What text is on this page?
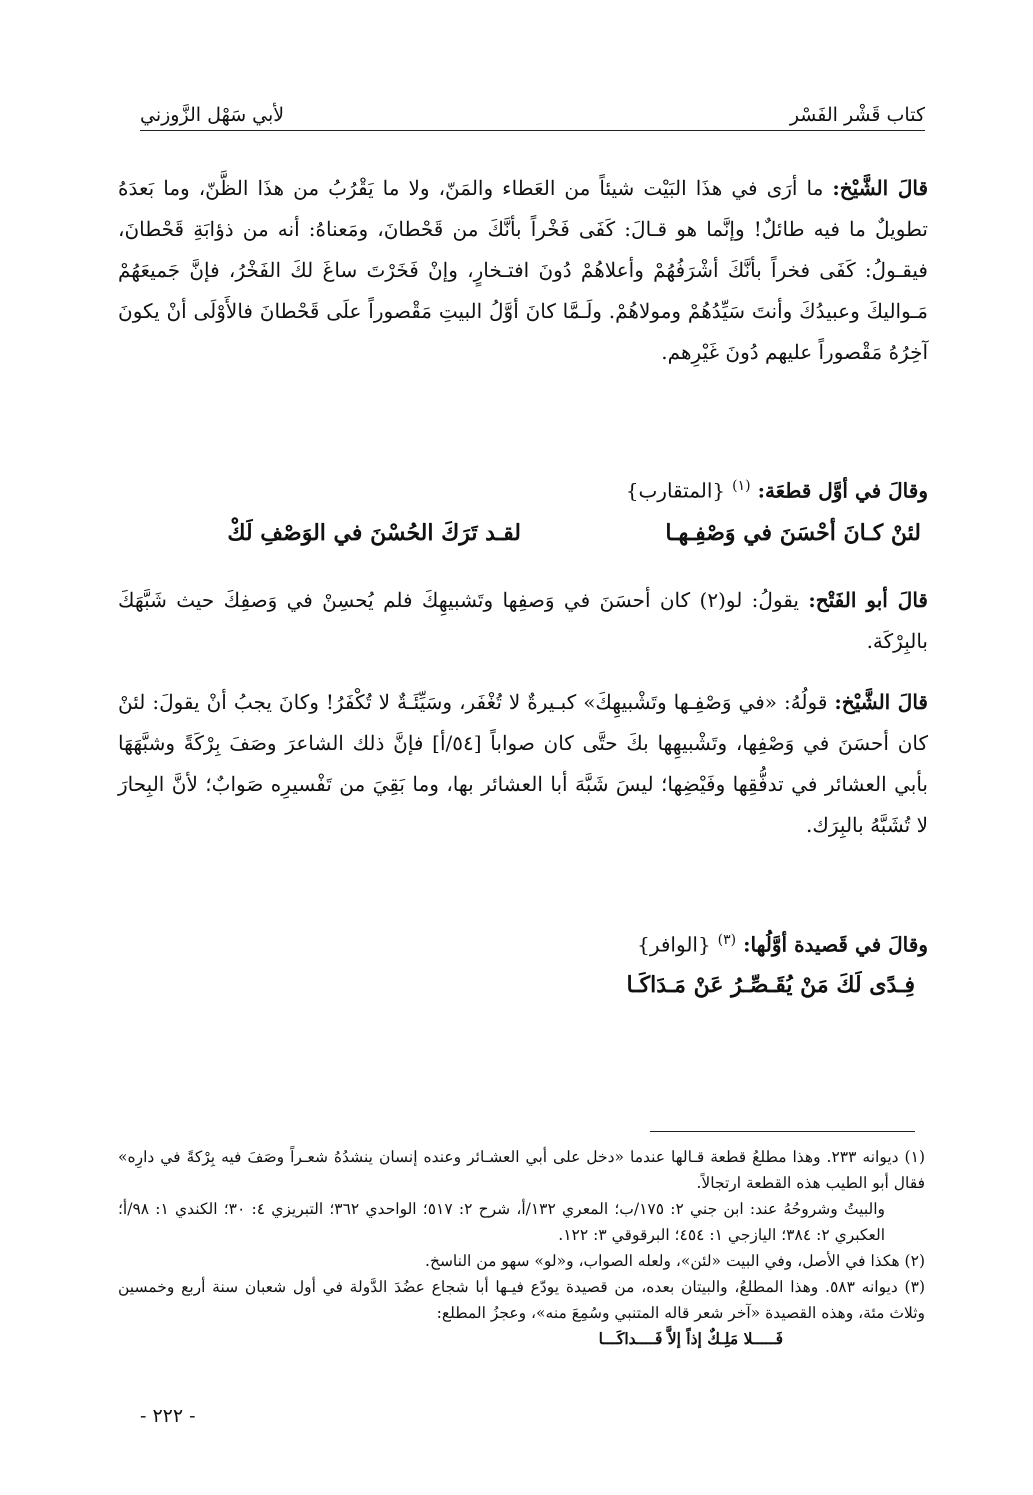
كتاب قَشْر الفَسْر
لأبي سَهْل الزَّوزني

قالَ الشَّيْخ: ما أرَى في هذَا البَيْت شيئاً من العَطاء والمَنّ، ولا ما يَقْرُبُ من هذَا الظَّنّ، وما بَعدَهُ تطويلٌ ما فيه طائلٌ! وإنَّما هو قـالَ: كَفَى فَخْراً بأنَّكَ من قَحْطانَ، ومَعناهُ: أنه من ذؤابَةِ قَحْطانَ، فيقـولُ: كَفَى فخراً بأنَّكَ أشْرَفُهُمْ وأعلاهُمْ دُونَ افتـخارٍ، وإنْ فَخَرْتَ ساغَ لكَ الفَخْرُ، فإنَّ جَميعَهُمْ مَـواليكَ وعبيدُكَ وأنتَ سَيِّدُهُمْ ومولاهُمْ. ولَـمَّا كانَ أوَّلُ البيتِ مَقْصوراً علَى قَحْطانَ فالأَوْلَى أنْ يكونَ آخِرُهُ مَقْصوراً عليهم دُونَ غَيْرِهم.

وقالَ في أوَّل قطعَة: $^{(١)}$ {المتقارب}
لئنْ كـانَ أحْسَنَ في وَصْفِـهـا
لقـد تَرَكَ الحُسْنَ في الوَصْفِ لَكْ

قالَ أبو الفَتْح: يقولُ: لو(٢) كان أحسَنَ في وَصفِها وتَشبيهِكَ فلم يُحسِنْ في وَصفِكَ حيث شَبَّهَكَ بالبِرْكَة.

قالَ الشَّيْخ: قولُهُ: «في وَصْفِـها وتَشْبيهِكَ» كبـيرةٌ لا تُغْفَر، وسَيِّئَـةٌ لا تُكْفَرُ! وكانَ يجبُ أنْ يقولَ: لئنْ كان أحسَنَ في وَصْفِها، وتَشْبيهِها بكَ حتَّى كان صواباً [٥٤/أ] فإنَّ ذلك الشاعرَ وصَفَ بِرْكَةً وشبَّهَهَا بأبي العشائر في تدفُّقِها وفَيْضِها؛ ليسَ شَبَّهَ أبا العشائر بها، وما بَقِيَ من تَفْسيرِه صَوابٌ؛ لأنَّ البِحارَ لا تُشَبَّهُ بالبِرَك.

وقالَ في قَصيدة أوَّلُها: $^{(٣)}$ {الوافر}
فِـدًى لَكَ مَنْ يُقَـصِّـرُ عَنْ مَـدَاكَـا

(١) ديوانه ٢٣٣. وهذا مطلعُ قطعة قـالها عندما «دخل على أبي العشـائر وعنده إنسان ينشدُهُ شعـراً وصَفَ فيه بِرْكةً في دارِه» فقال أبو الطيب هذه القطعة ارتجالاً.

والبيتُ وشروحُهُ عند: ابن جني ٢: ١٧٥/ب؛ المعري ١٣٢/أ، شرح ٢: ٥١٧؛ الواحدي ٣٦٢؛ التبريزي ٤: ٣٠؛ الكندي ١: ٩٨/أ؛ العكبري ٢: ٣٨٤؛ اليازجي ١: ٤٥٤؛ البرقوقي ٣: ١٢٢.

(٢) هكذا في الأصل، وفي البيت «لئن»، ولعله الصواب، و«لو» سهو من الناسخ.

(٣) ديوانه ٥٨٣. وهذا المطلعُ، والبيتان بعده، من قصيدة يودّع فيـها أبا شجاع عضُدَ الدَّولة في أول شعبان سنة أربع وخمسين وثلاث مئة، وهذه القصيدة «آخر شعر قاله المتنبي وسُمِعَ منه»، وعجزُ المطلع:

فَـــــلا مَلِـكٌ إذاً إلاَّ فَــــداكَـــا
- ٢٢٢ -
